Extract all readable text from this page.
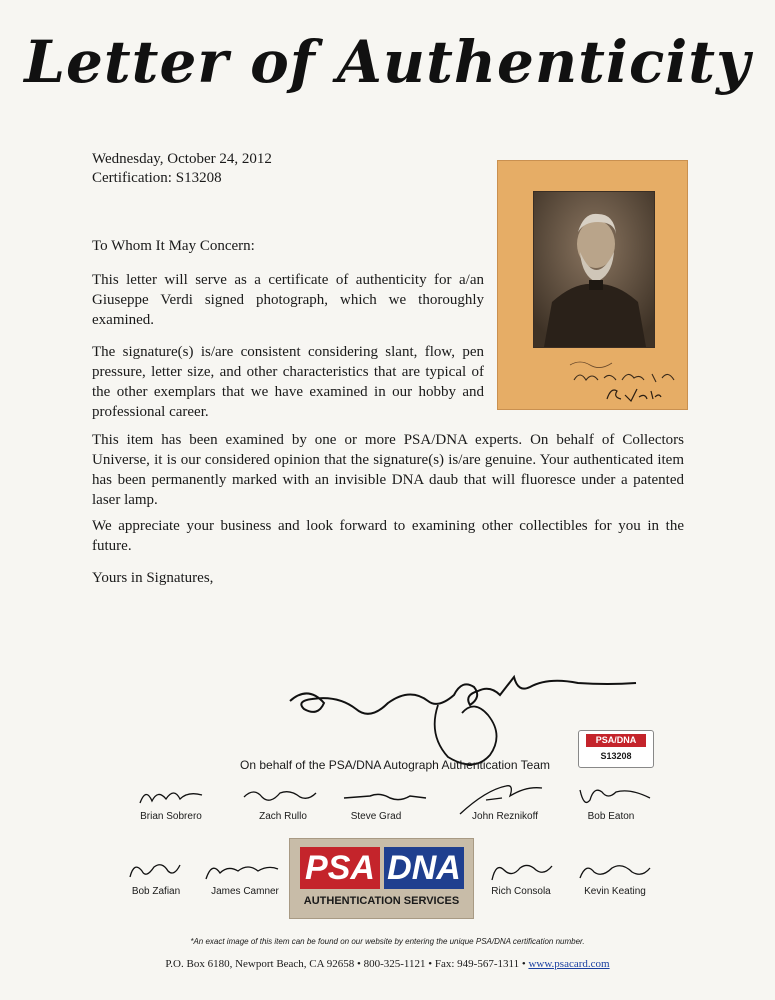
Letter of Authenticity
Wednesday, October 24, 2012
Certification: S13208
To Whom It May Concern:
This letter will serve as a certificate of authenticity for a/an Giuseppe Verdi signed photograph, which we thoroughly examined.
The signature(s) is/are consistent considering slant, flow, pen pressure, letter size, and other characteristics that are typical of the other exemplars that we have examined in our hobby and professional career.
This item has been examined by one or more PSA/DNA experts. On behalf of Collectors Universe, it is our considered opinion that the signature(s) is/are genuine. Your authenticated item has been permanently marked with an invisible DNA daub that will fluoresce under a patented laser lamp.
We appreciate your business and look forward to examining other collectibles for you in the future.
Yours in Signatures,
PSA/DNA
S13208
On behalf of the PSA/DNA Autograph Authentication Team
Brian Sobrero	Zach Rullo	Steve Grad	John Reznikoff	Bob Eaton
Bob Zafian	James Camner	Rich Consola	Kevin Keating
PSA DNA
AUTHENTICATION SERVICES
*An exact image of this item can be found on our website by entering the unique PSA/DNA certification number.
P.O. Box 6180, Newport Beach, CA 92658 • 800-325-1121 • Fax: 949-567-1311 • www.psacard.com
